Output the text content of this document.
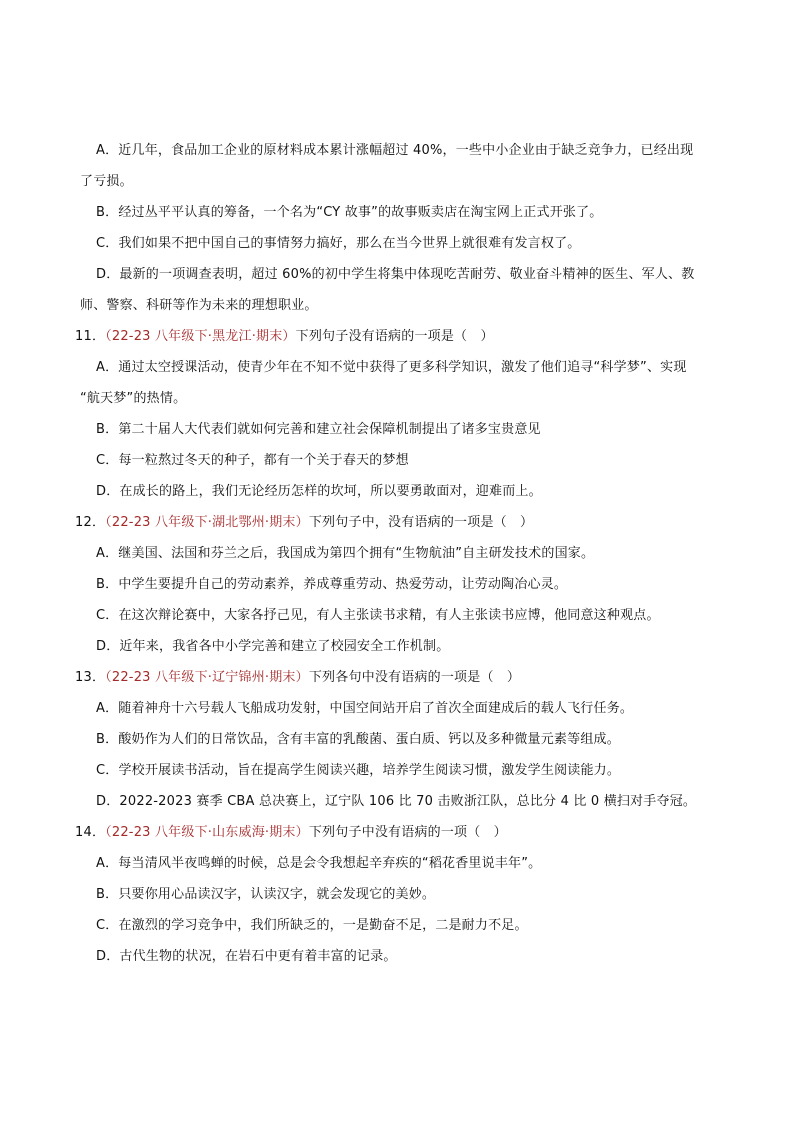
A．近几年，食品加工企业的原材料成本累计涨幅超过 40%，一些中小企业由于缺乏竞争力，已经出现
了亏损。
B．经过丛平平认真的筹备，一个名为“CY 故事”的故事贩卖店在淘宝网上正式开张了。
C．我们如果不把中国自己的事情努力搞好，那么在当今世界上就很难有发言权了。
D．最新的一项调查表明，超过 60%的初中学生将集中体现吃苦耐劳、敬业奋斗精神的医生、军人、教
师、警察、科研等作为未来的理想职业。
11．（22-23 八年级下·黑龙江·期末）下列句子没有语病的一项是（　）
A．通过太空授课活动，使青少年在不知不觉中获得了更多科学知识，激发了他们追寻“科学梦”、实现
“航天梦”的热情。
B．第二十届人大代表们就如何完善和建立社会保障机制提出了诸多宝贵意见
C．每一粒熬过冬天的种子，都有一个关于春天的梦想
D．在成长的路上，我们无论经历怎样的坎坷，所以要勇敢面对，迎难而上。
12．（22-23 八年级下·湖北鄂州·期末）下列句子中，没有语病的一项是（　）
A．继美国、法国和芬兰之后，我国成为第四个拥有“生物航油”自主研发技术的国家。
B．中学生要提升自己的劳动素养，养成尊重劳动、热爱劳动，让劳动陶冶心灵。
C．在这次辩论赛中，大家各抒己见，有人主张读书求精，有人主张读书应博，他同意这种观点。
D．近年来，我省各中小学完善和建立了校园安全工作机制。
13．（22-23 八年级下·辽宁锦州·期末）下列各句中没有语病的一项是（　）
A．随着神舟十六号载人飞船成功发射，中国空间站开启了首次全面建成后的载人飞行任务。
B．酸奶作为人们的日常饮品，含有丰富的乳酸菌、蛋白质、钙以及多种微量元素等组成。
C．学校开展读书活动，旨在提高学生阅读兴趣，培养学生阅读习惯，激发学生阅读能力。
D．2022-2023 赛季 CBA 总决赛上，辽宁队 106 比 70 击败浙江队，总比分 4 比 0 横扫对手夺冠。
14．（22-23 八年级下·山东威海·期末）下列句子中没有语病的一项（　）
A．每当清风半夜鸣蝉的时候，总是会令我想起辛弃疾的“稻花香里说丰年”。
B．只要你用心品读汉字，认读汉字，就会发现它的美妙。
C．在激烈的学习竞争中，我们所缺乏的，一是勤奋不足，二是耐力不足。
D．古代生物的状况，在岩石中更有着丰富的记录。
